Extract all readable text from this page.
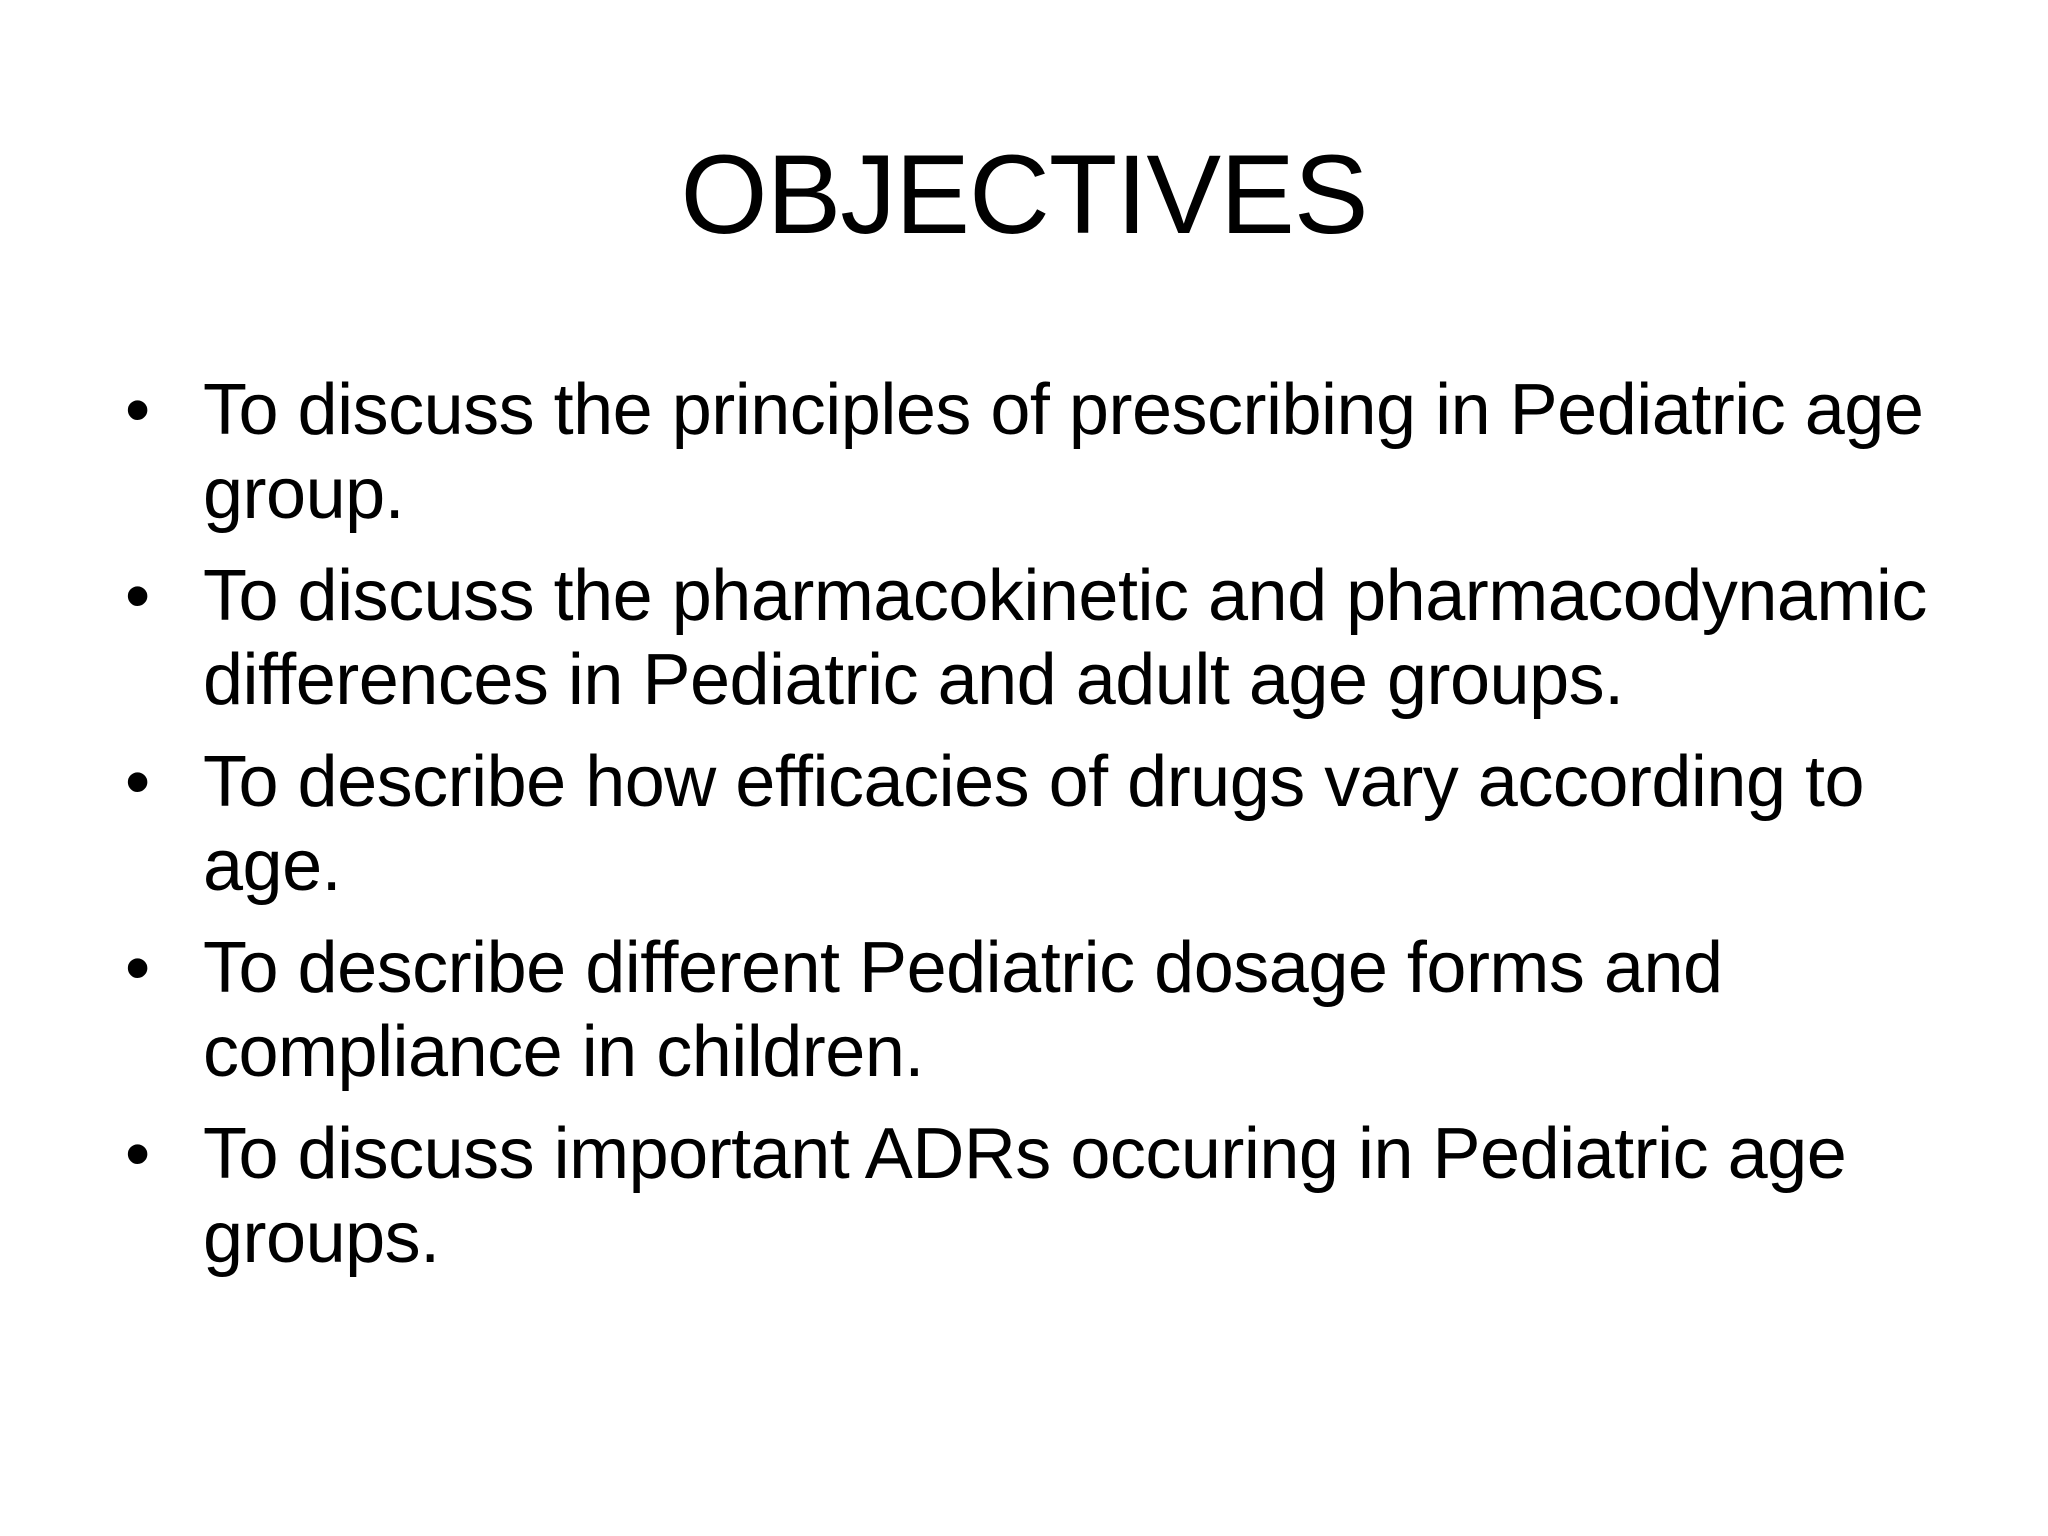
OBJECTIVES
• To discuss the principles of prescribing in Pediatric age group.
• To discuss the pharmacokinetic and pharmacodynamic differences in Pediatric and adult age groups.
• To describe how efficacies of drugs vary according to age.
• To describe different Pediatric dosage forms and compliance in children.
• To discuss important ADRs occuring in Pediatric age groups.
